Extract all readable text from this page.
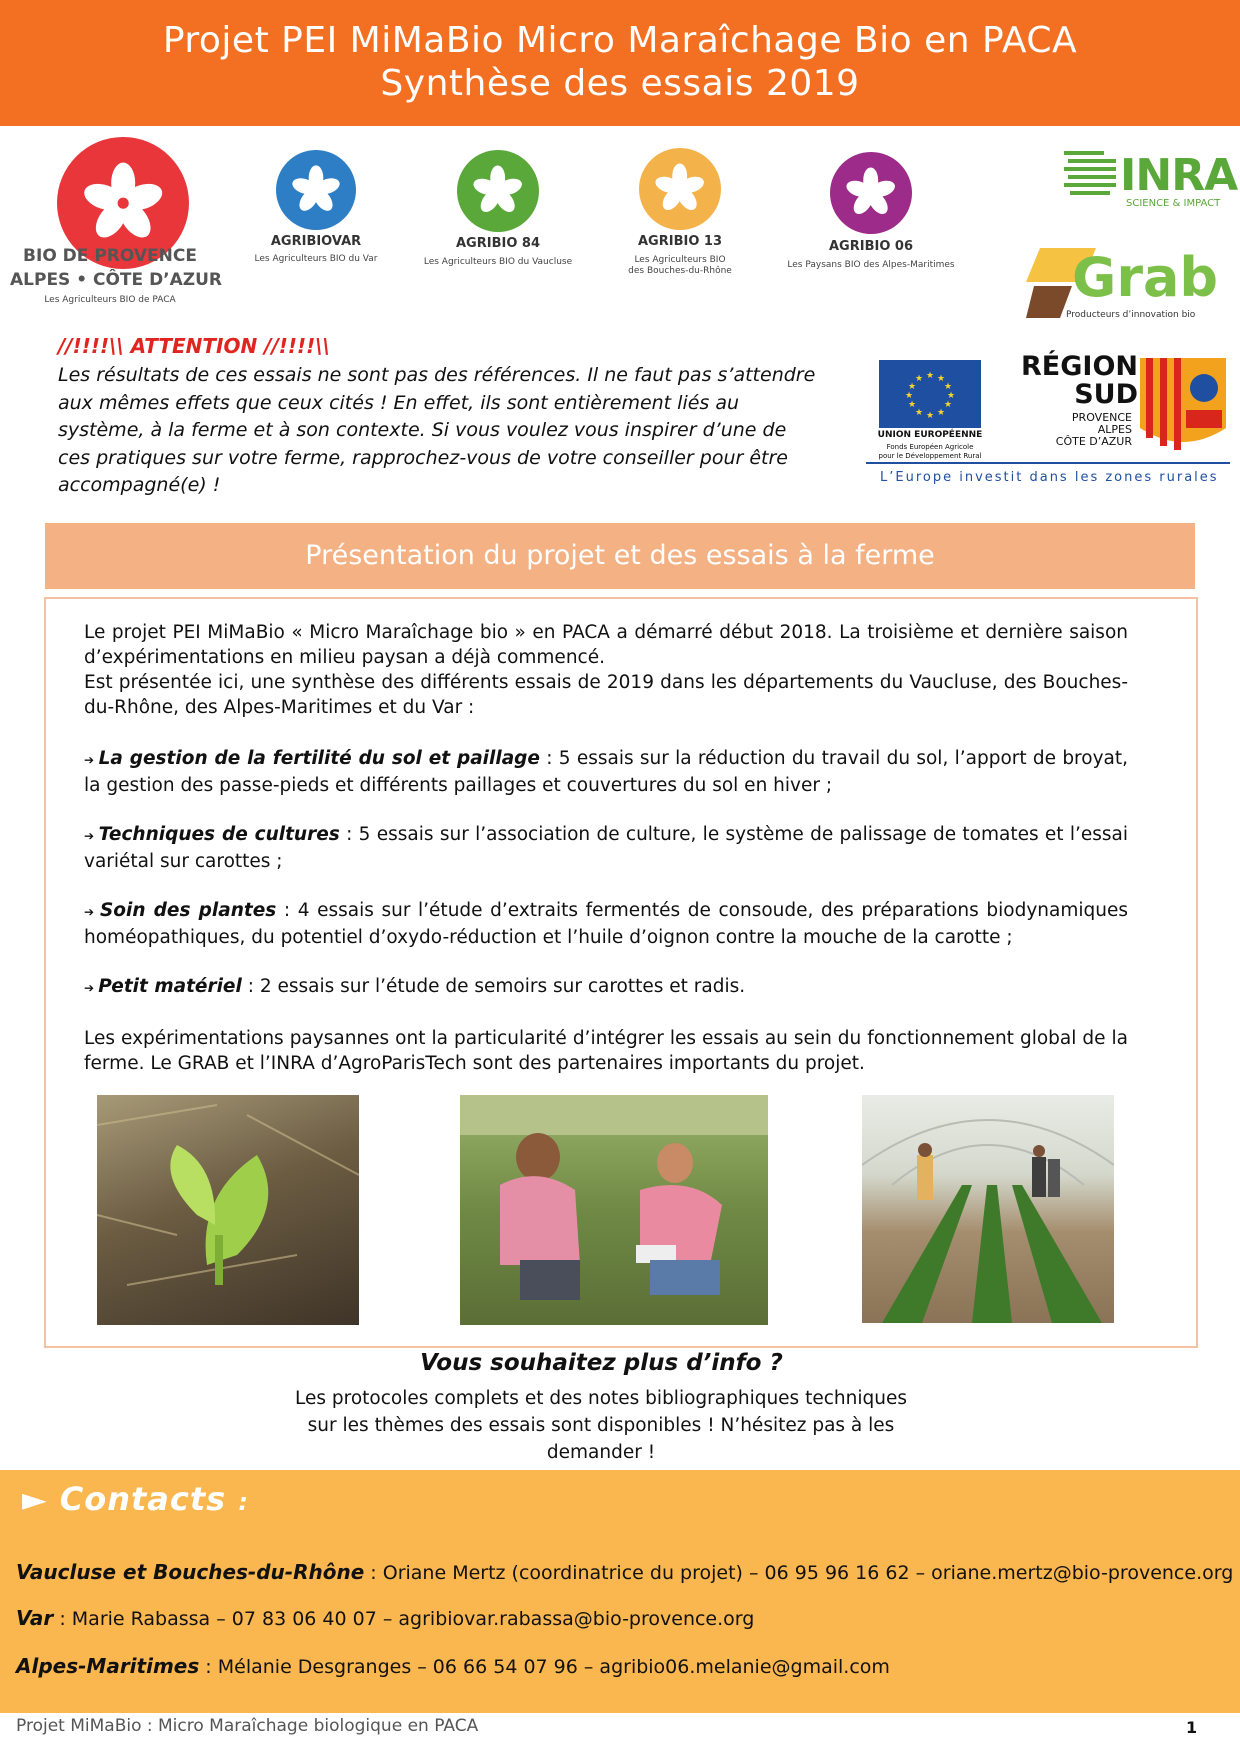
Projet PEI MiMaBio Micro Maraîchage Bio en PACA
Synthèse des essais 2019
BIO DE PROVENCE
ALPES • CÔTE D’AZUR
Les Agriculteurs BIO de PACA
AGRIBIOVAR
Les Agriculteurs BIO du Var
AGRIBIO 84
Les Agriculteurs BIO du Vaucluse
AGRIBIO 13
Les Agriculteurs BIO
des Bouches-du-Rhône
AGRIBIO 06
Les Paysans BIO des Alpes-Maritimes
INRA
SCIENCE & IMPACT
Grab
Producteurs d’innovation bio
//!!!!\\ ATTENTION //!!!!\\
Les résultats de ces essais ne sont pas des références. Il ne faut pas s’attendre aux mêmes effets que ceux cités ! En effet, ils sont entièrement liés au système, à la ferme et à son contexte. Si vous voulez vous inspirer d’une de ces pratiques sur votre ferme, rapprochez-vous de votre conseiller pour être accompagné(e) !
★ ★
★
★
★
★
★
★
★
★
★
★
UNION EUROPÉENNE
Fonds Européen Agricole
pour le Développement Rural
RÉGION
SUD
PROVENCE
ALPES
CÔTE D’AZUR
L’Europe investit dans les zones rurales
Présentation du projet et des essais à la ferme
Le projet PEI MiMaBio « Micro Maraîchage bio » en PACA a démarré début 2018. La troisième et dernière saison d’expérimentations en milieu paysan a déjà commencé.
Est présentée ici, une synthèse des différents essais de 2019 dans les départements du Vaucluse, des Bouches-du-Rhône, des Alpes-Maritimes et du Var :
➔ La gestion de la fertilité du sol et paillage : 5 essais sur la réduction du travail du sol, l’apport de broyat, la gestion des passe-pieds et différents paillages et couvertures du sol en hiver ;
➔ Techniques de cultures : 5 essais sur l’association de culture, le système de palissage de tomates et l’essai variétal sur carottes ;
➔ Soin des plantes : 4 essais sur l’étude d’extraits fermentés de consoude, des préparations biodynamiques homéopathiques, du potentiel d’oxydo-réduction et l’huile d’oignon contre la mouche de la carotte ;
➔ Petit matériel : 2 essais sur l’étude de semoirs sur carottes et radis.
Les expérimentations paysannes ont la particularité d’intégrer les essais au sein du fonctionnement global de la ferme. Le GRAB et l’INRA d’AgroParisTech sont des partenaires importants du projet.
Vous souhaitez plus d’info ?
Les protocoles complets et des notes bibliographiques techniques
sur les thèmes des essais sont disponibles ! N’hésitez pas à les
demander !
► Contacts :
Vaucluse et Bouches-du-Rhône : Oriane Mertz (coordinatrice du projet) – 06 95 96 16 62 – oriane.mertz@bio-provence.org
Var : Marie Rabassa – 07 83 06 40 07 – agribiovar.rabassa@bio-provence.org
Alpes-Maritimes : Mélanie Desgranges – 06 66 54 07 96 – agribio06.melanie@gmail.com
Projet MiMaBio : Micro Maraîchage biologique en PACA	1
